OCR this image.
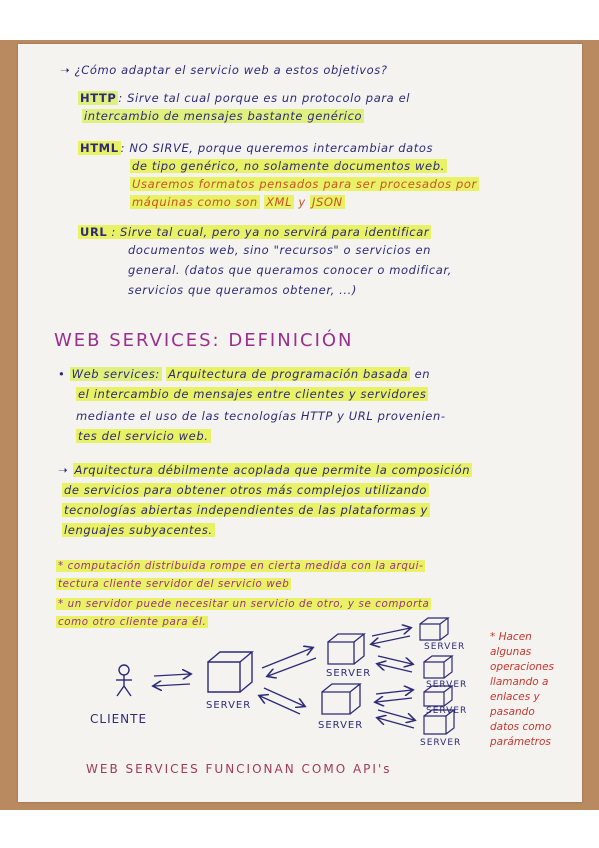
➝ ¿Cómo adaptar el servicio web a estos objetivos?
HTTP : Sirve tal cual porque es un protocolo para el
intercambio de mensajes bastante genérico
HTML : NO SIRVE, porque queremos intercambiar datos
de tipo genérico, no solamente documentos web.
Usaremos formatos pensados para ser procesados por
máquinas como son XML y JSON
URL : Sirve tal cual, pero ya no servirá para identificar
documentos web, sino "recursos" o servicios en
general. (datos que queramos conocer o modificar,
servicios que queramos obtener, ...)
WEB SERVICES: DEFINICIÓN
• Web services: Arquitectura de programación basada en
el intercambio de mensajes entre clientes y servidores
mediante el uso de las tecnologías HTTP y URL provenien-
tes del servicio web.
➝ Arquitectura débilmente acoplada que permite la composición
de servicios para obtener otros más complejos utilizando
tecnologías abiertas independientes de las plataformas y
lenguajes subyacentes.
* computación distribuida rompe en cierta medida con la arqui-
tectura cliente servidor del servicio web
* un servidor puede necesitar un servicio de otro, y se comporta
como otro cliente para él.
CLIENTE
SERVER
SERVER
SERVER
SERVER
SERVER
SERVER
SERVER
* Hacen
algunas
operaciones
llamando a
enlaces y
pasando
datos como
parámetros
WEB SERVICES FUNCIONAN COMO API's
